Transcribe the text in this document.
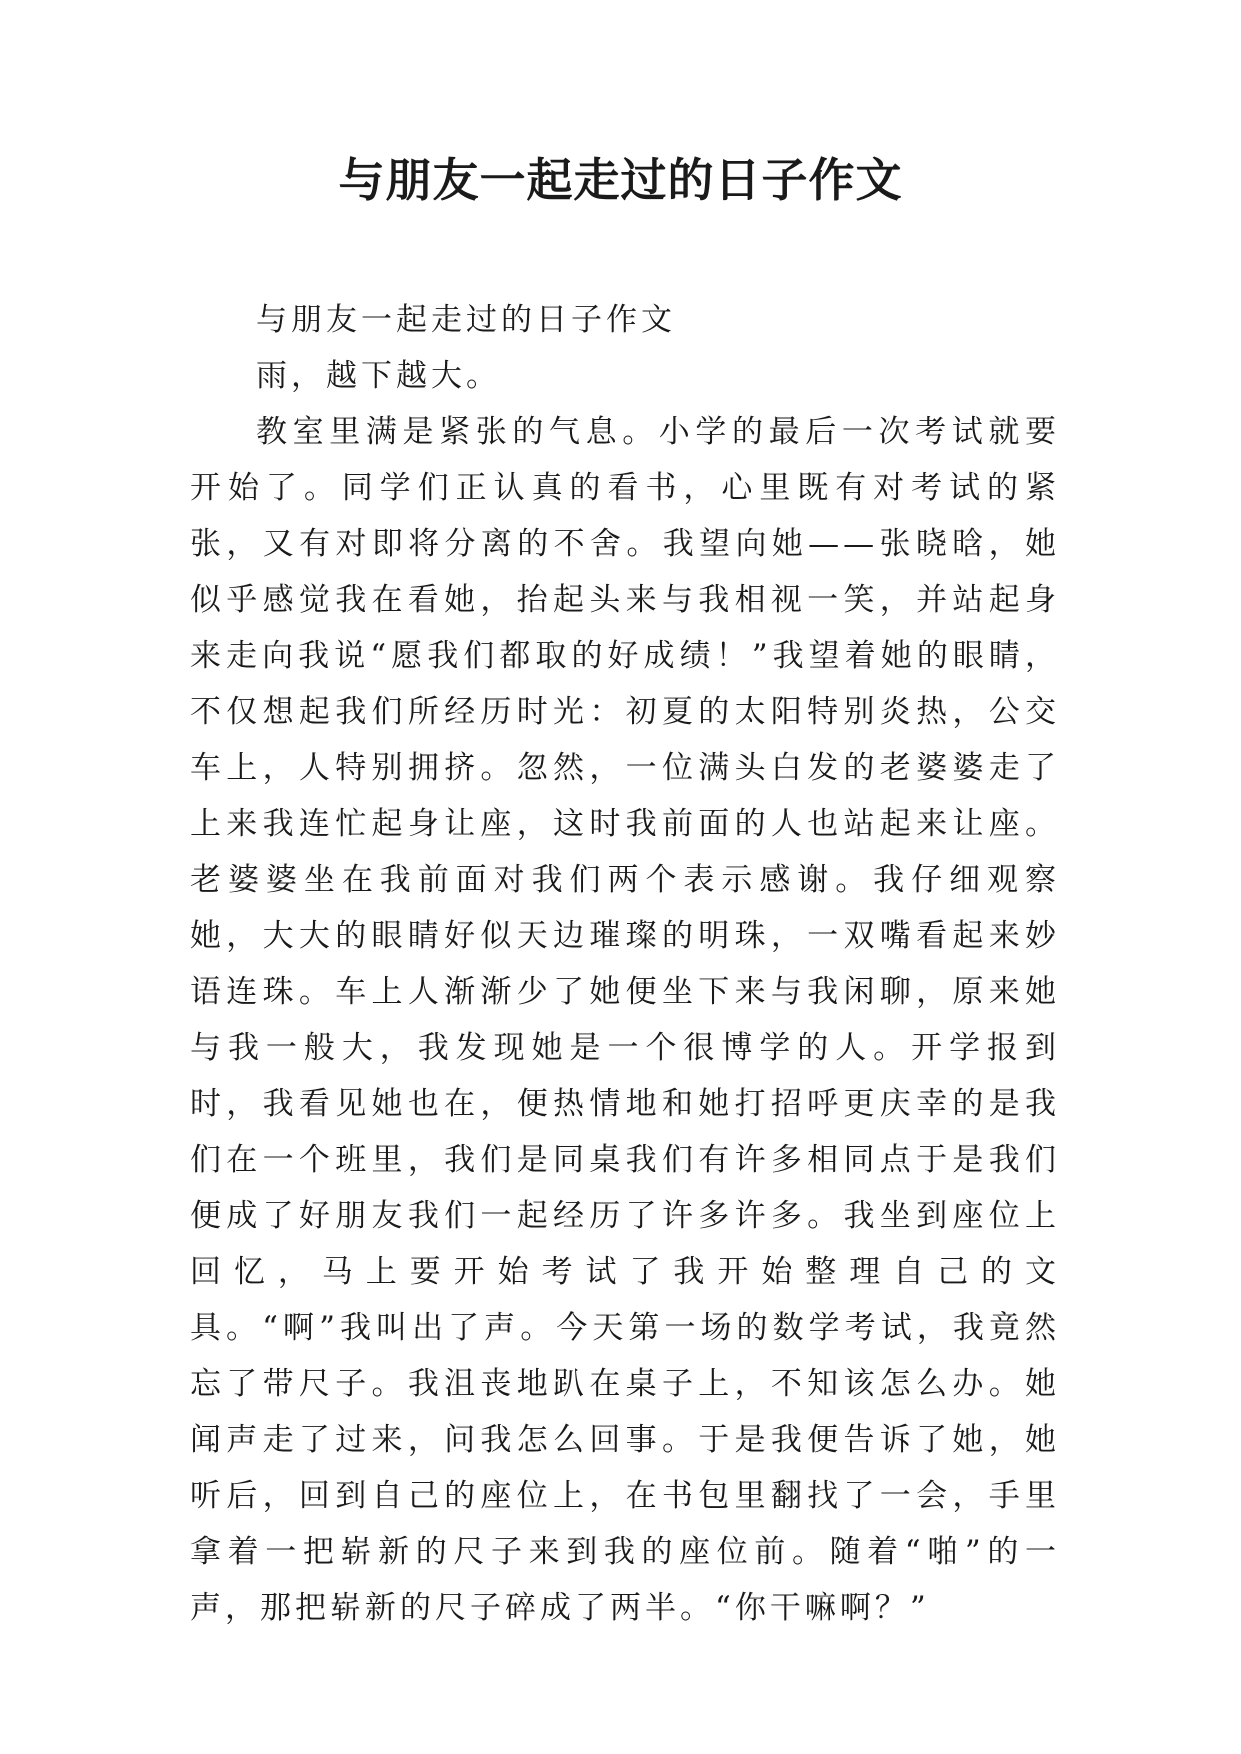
与朋友一起走过的日子作文

与朋友一起走过的日子作文

雨，越下越大。

教室里满是紧张的气息。小学的最后一次考试就要开始了。同学们正认真的看书，心里既有对考试的紧张，又有对即将分离的不舍。我望向她——张晓晗，她似乎感觉我在看她，抬起头来与我相视一笑，并站起身来走向我说“愿我们都取的好成绩！”我望着她的眼睛，不仅想起我们所经历时光：初夏的太阳特别炎热，公交车上，人特别拥挤。忽然，一位满头白发的老婆婆走了上来我连忙起身让座，这时我前面的人也站起来让座。老婆婆坐在我前面对我们两个表示感谢。我仔细观察她，大大的眼睛好似天边璀璨的明珠，一双嘴看起来妙语连珠。车上人渐渐少了她便坐下来与我闲聊，原来她与我一般大，我发现她是一个很博学的人。开学报到时，我看见她也在，便热情地和她打招呼更庆幸的是我们在一个班里，我们是同桌我们有许多相同点于是我们便成了好朋友我们一起经历了许多许多。我坐到座位上回忆，马上要开始考试了我开始整理自己的文具。“啊”我叫出了声。今天第一场的数学考试，我竟然忘了带尺子。我沮丧地趴在桌子上，不知该怎么办。她闻声走了过来，问我怎么回事。于是我便告诉了她，她听后，回到自己的座位上，在书包里翻找了一会，手里拿着一把崭新的尺子来到我的座位前。随着“啪”的一声，那把崭新的尺子碎成了两半。“你干嘛啊？”
